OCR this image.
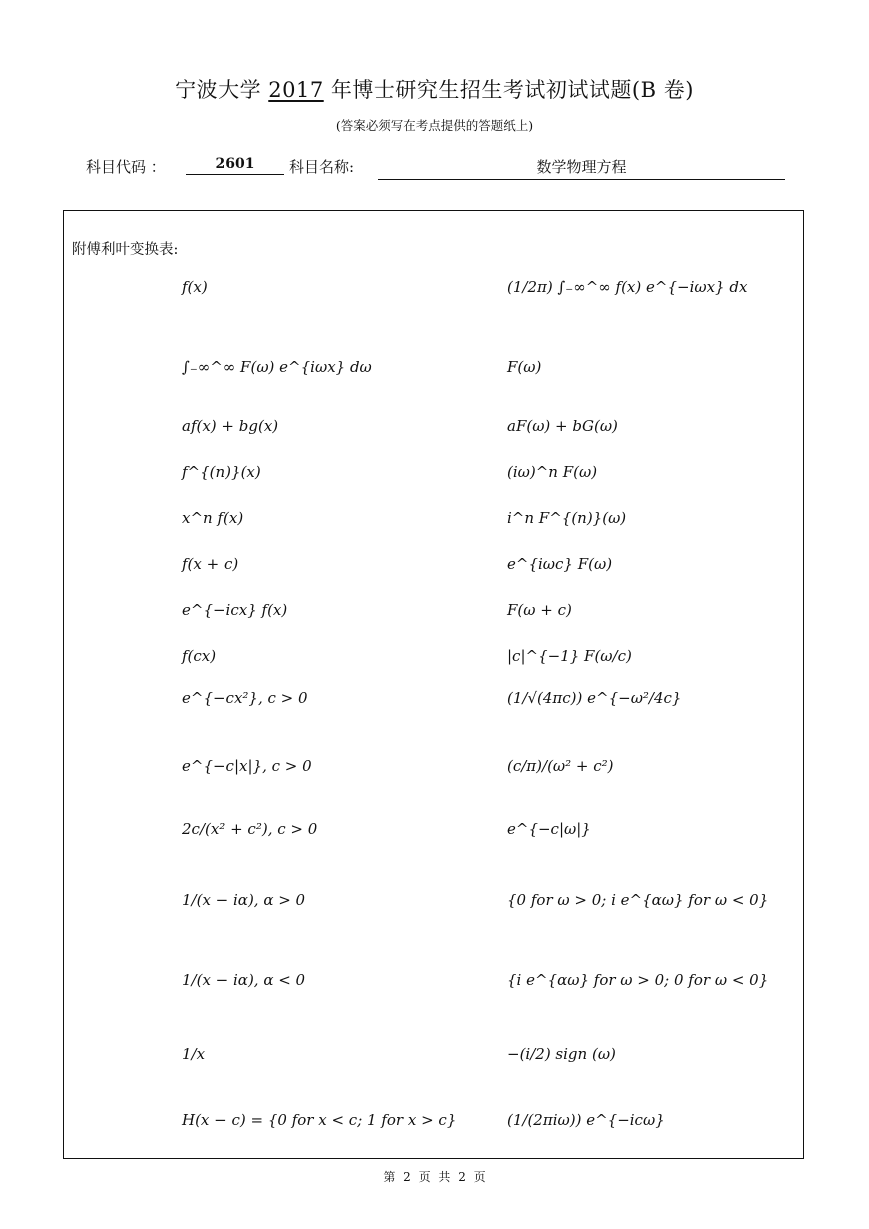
宁波大学 2017 年博士研究生招生考试初试试题(B 卷)
(答案必须写在考点提供的答题纸上)
科目代码 ：	2601	科目名称:	数学物理方程
附傅利叶变换表:
f(x)	(1/2π) ∫₋∞^∞ f(x) e^{−iωx} dx
∫₋∞^∞ F(ω) e^{iωx} dω	F(ω)
af(x) + bg(x)	aF(ω) + bG(ω)
f^{(n)}(x)	(iω)^n F(ω)
x^n f(x)	i^n F^{(n)}(ω)
f(x + c)	e^{iωc} F(ω)
e^{−icx} f(x)	F(ω + c)
f(cx)	|c|^{−1} F(ω/c)
e^{−cx²}, c > 0	(1/√(4πc)) e^{−ω²/4c}
e^{−c|x|}, c > 0	(c/π)/(ω² + c²)
2c/(x² + c²), c > 0	e^{−c|ω|}
1/(x − iα), α > 0	{0 for ω > 0; i e^{αω} for ω < 0}
1/(x − iα), α < 0	{i e^{αω} for ω > 0; 0 for ω < 0}
1/x	−(i/2) sign (ω)
H(x − c) = {0 for x < c; 1 for x > c}	(1/(2πiω)) e^{−icω}
第 2 页 共 2 页
